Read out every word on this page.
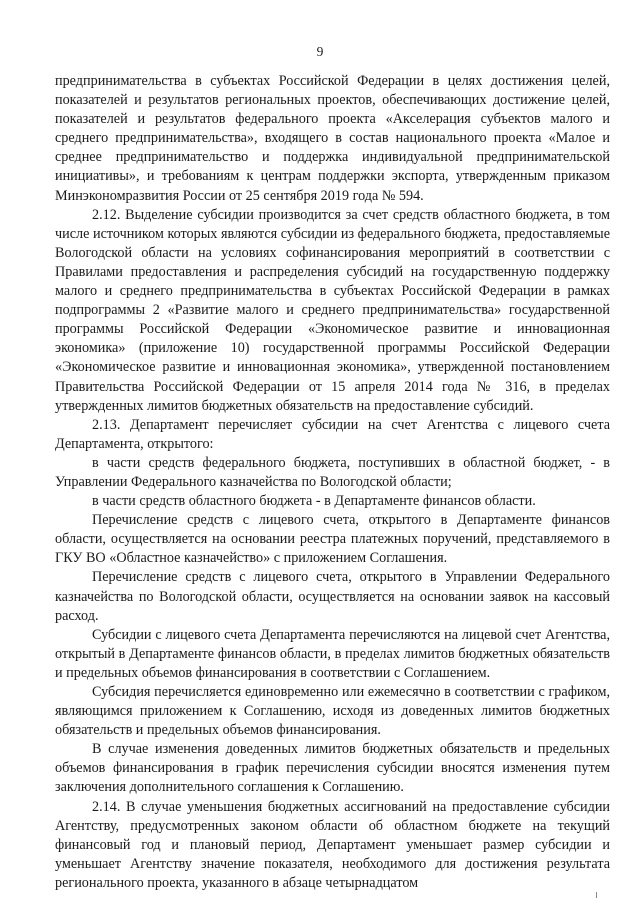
9

предпринимательства в субъектах Российской Федерации в целях достижения целей, показателей и результатов региональных проектов, обеспечивающих достижение целей, показателей и результатов федерального проекта «Акселерация субъектов малого и среднего предпринимательства», входящего в состав национального проекта «Малое и среднее предпринимательство и поддержка индивидуальной предпринимательской инициативы», и требованиям к центрам поддержки экспорта, утвержденным приказом Минэкономразвития России от 25 сентября 2019 года № 594.

2.12. Выделение субсидии производится за счет средств областного бюджета, в том числе источником которых являются субсидии из федерального бюджета, предоставляемые Вологодской области на условиях софинансирования мероприятий в соответствии с Правилами предоставления и распределения субсидий на государственную поддержку малого и среднего предпринимательства в субъектах Российской Федерации в рамках подпрограммы 2 «Развитие малого и среднего предпринимательства» государственной программы Российской Федерации «Экономическое развитие и инновационная экономика» (приложение 10) государственной программы Российской Федерации «Экономическое развитие и инновационная экономика», утвержденной постановлением Правительства Российской Федерации от 15 апреля 2014 года № 316, в пределах утвержденных лимитов бюджетных обязательств на предоставление субсидий.

2.13. Департамент перечисляет субсидии на счет Агентства с лицевого счета Департамента, открытого:

в части средств федерального бюджета, поступивших в областной бюджет, - в Управлении Федерального казначейства по Вологодской области;

в части средств областного бюджета - в Департаменте финансов области.

Перечисление средств с лицевого счета, открытого в Департаменте финансов области, осуществляется на основании реестра платежных поручений, представляемого в ГКУ ВО «Областное казначейство» с приложением Соглашения.

Перечисление средств с лицевого счета, открытого в Управлении Федерального казначейства по Вологодской области, осуществляется на основании заявок на кассовый расход.

Субсидии с лицевого счета Департамента перечисляются на лицевой счет Агентства, открытый в Департаменте финансов области, в пределах лимитов бюджетных обязательств и предельных объемов финансирования в соответствии с Соглашением.

Субсидия перечисляется единовременно или ежемесячно в соответствии с графиком, являющимся приложением к Соглашению, исходя из доведенных лимитов бюджетных обязательств и предельных объемов финансирования.

В случае изменения доведенных лимитов бюджетных обязательств и предельных объемов финансирования в график перечисления субсидии вносятся изменения путем заключения дополнительного соглашения к Соглашению.

2.14. В случае уменьшения бюджетных ассигнований на предоставление субсидии Агентству, предусмотренных законом области об областном бюджете на текущий финансовый год и плановый период, Департамент уменьшает размер субсидии и уменьшает Агентству значение показателя, необходимого для достижения результата регионального проекта, указанного в абзаце четырнадцатом
